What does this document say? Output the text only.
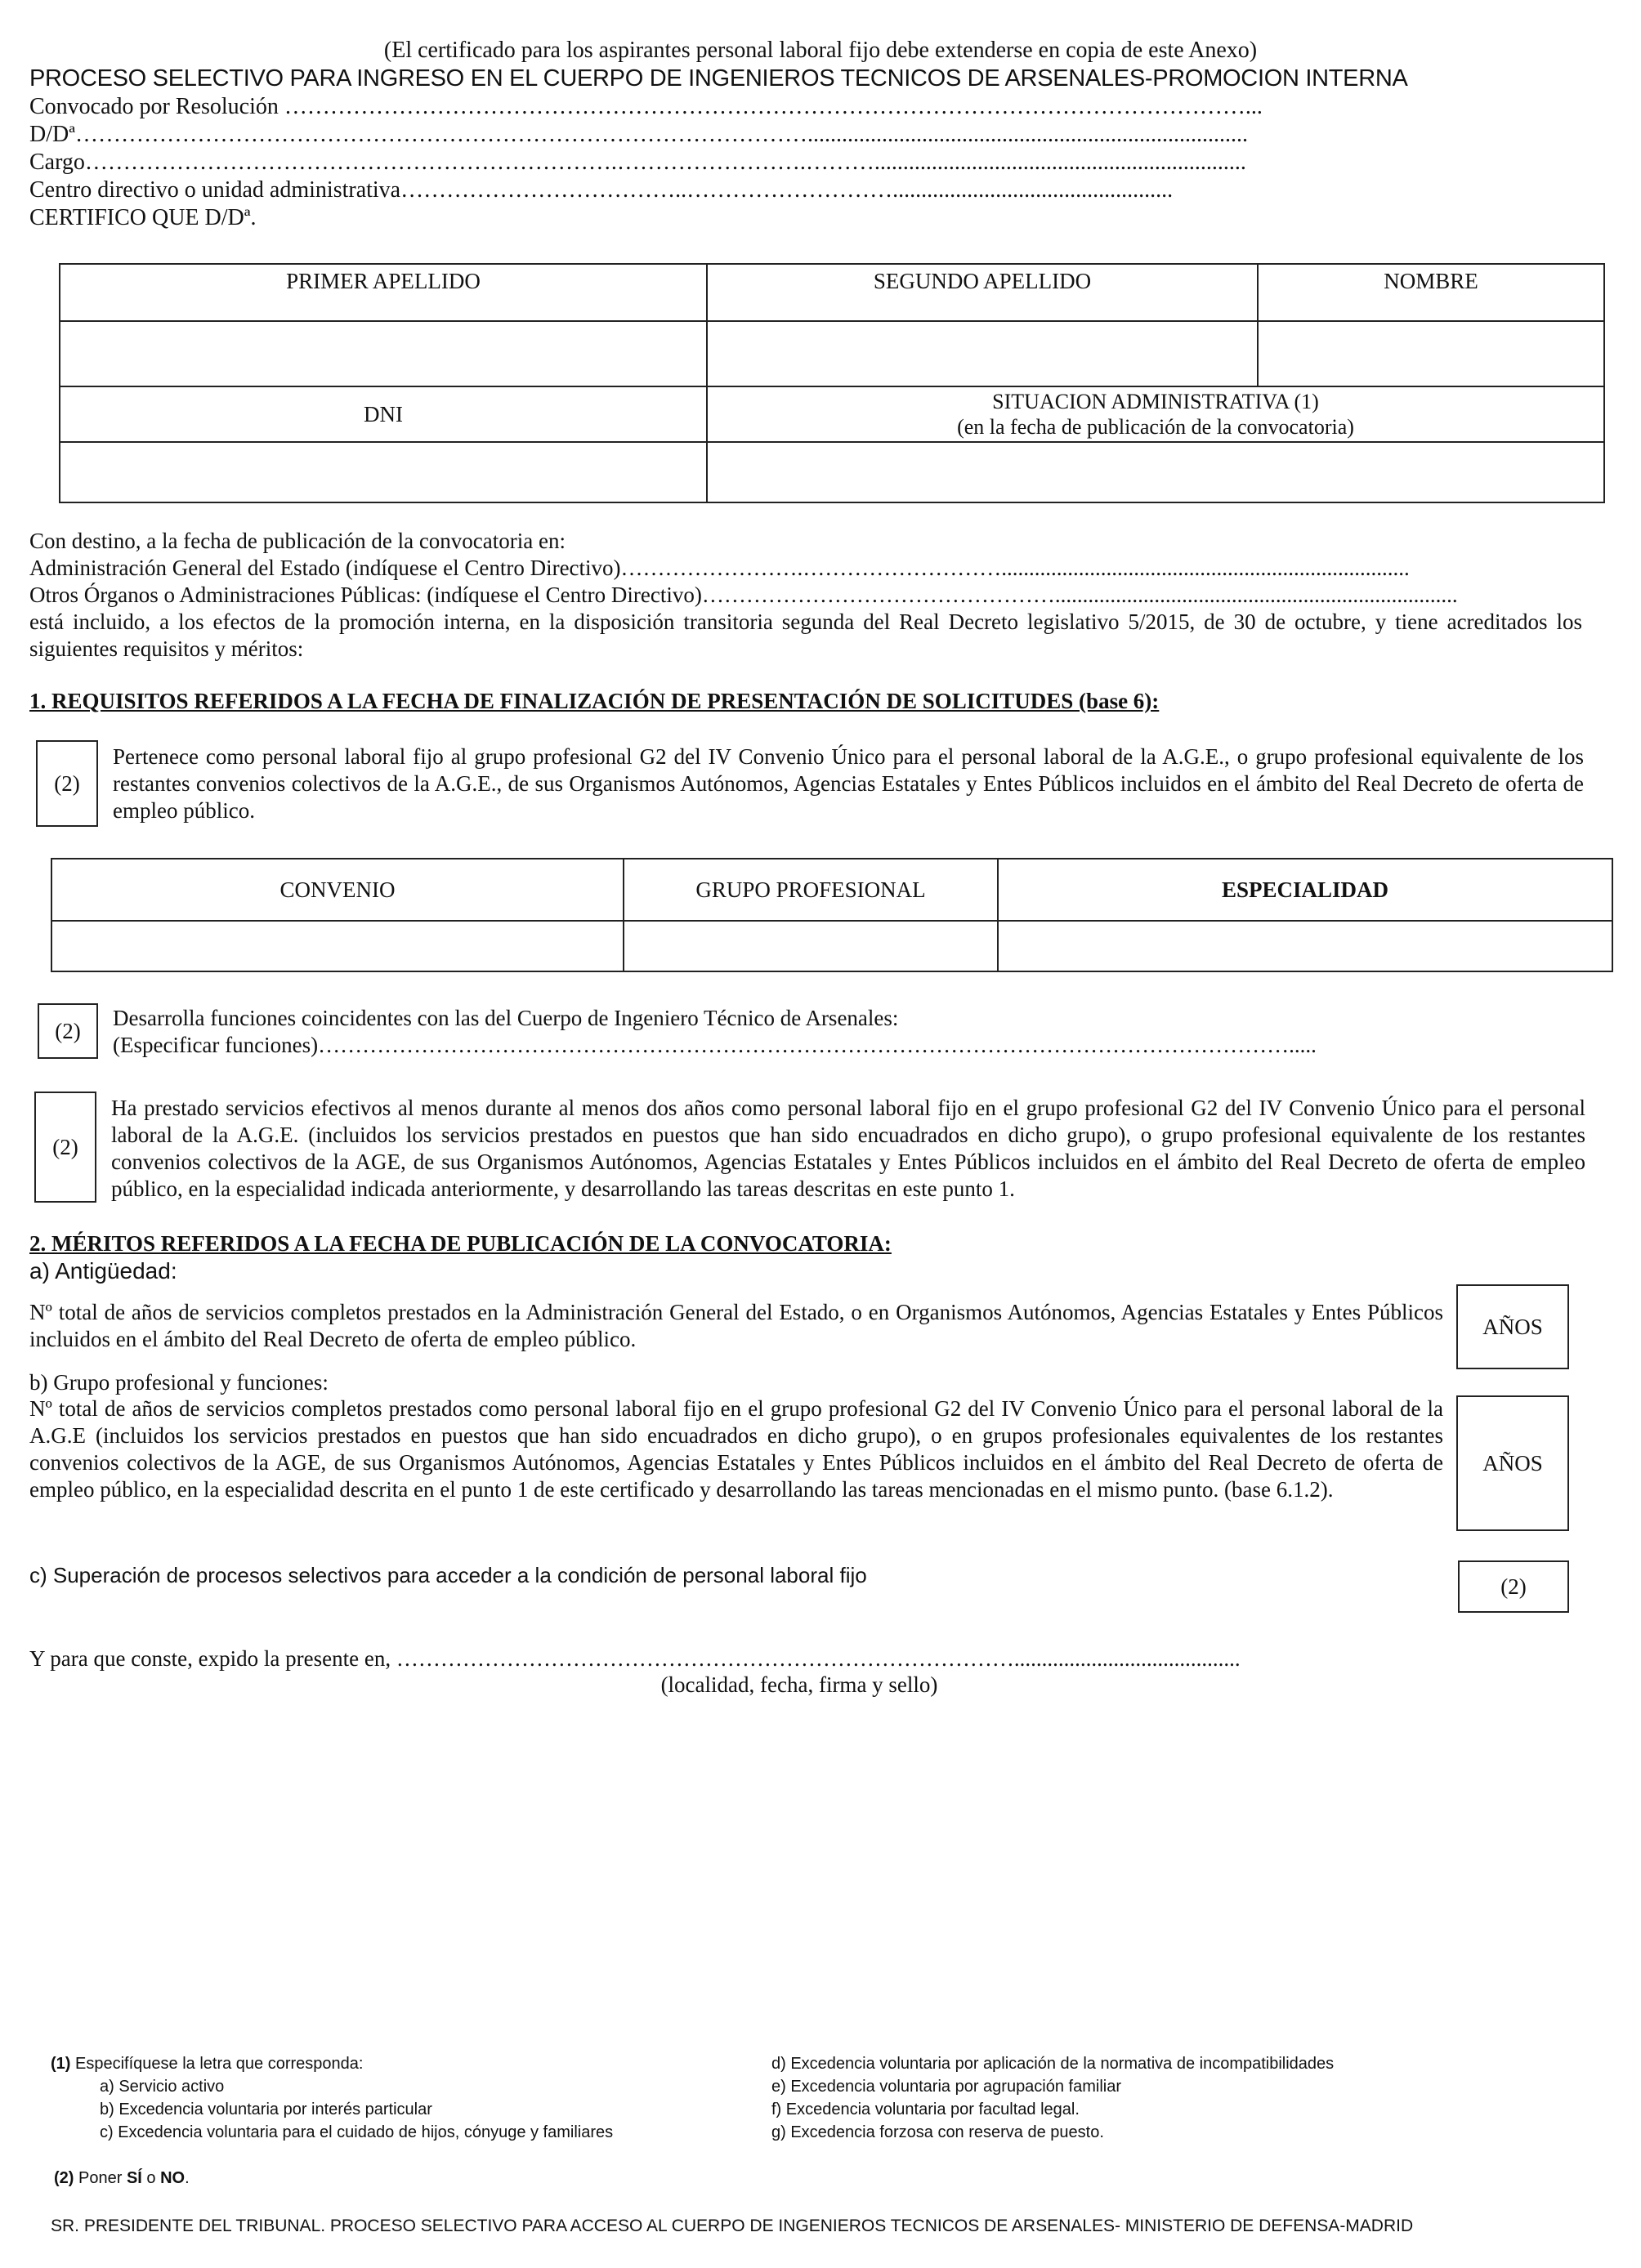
(El certificado para los aspirantes personal laboral fijo debe extenderse en copia de este Anexo)
PROCESO SELECTIVO PARA INGRESO EN EL CUERPO DE INGENIEROS TECNICOS DE ARSENALES-PROMOCION INTERNA
Convocado por Resolución ………………………………………………………………………………………………………………...
D/Dª…………………………………………………………………………………….............................................................................
Cargo…………………………………………………………….…………………….……….................................................................
Centro directivo o unidad administrativa………………………………..……………………….................................................
CERTIFICO QUE D/Dª.
PRIMER APELLIDO	SEGUNDO APELLIDO	NOMBRE

DNI	SITUACION ADMINISTRATIVA (1)
(en la fecha de publicación de la convocatoria)	

Con destino, a la fecha de publicación de la convocatoria en:
Administración General del Estado (indíquese el Centro Directivo)…………………….………………………..........................................................................
Otros Órganos o Administraciones Públicas: (indíquese el Centro Directivo)………………………………………….........................................................................
está incluido, a los efectos de la promoción interna, en la disposición transitoria segunda del Real Decreto legislativo 5/2015, de 30 de octubre, y tiene acreditados los siguientes requisitos y méritos:
1. REQUISITOS REFERIDOS A LA FECHA DE FINALIZACIÓN DE PRESENTACIÓN DE SOLICITUDES (base 6):
(2)
Pertenece como personal laboral fijo al grupo profesional G2 del IV Convenio Único para el personal laboral de la A.G.E., o grupo profesional equivalente de los restantes convenios colectivos de la A.G.E., de sus Organismos Autónomos, Agencias Estatales y Entes Públicos incluidos en el ámbito del Real Decreto de oferta de empleo público.
CONVENIO	GRUPO PROFESIONAL	ESPECIALIDAD

(2)
Desarrolla funciones coincidentes con las del Cuerpo de Ingeniero Técnico de Arsenales:
(Especificar funciones)…………………………………………………………………………………………………………………….....
(2)
Ha prestado servicios efectivos al menos durante al menos dos años como personal laboral fijo en el grupo profesional G2 del IV Convenio Único para el personal laboral de la A.G.E. (incluidos los servicios prestados en puestos que han sido encuadrados en dicho grupo), o grupo profesional equivalente de los restantes convenios colectivos de la AGE, de sus Organismos Autónomos, Agencias Estatales y Entes Públicos incluidos en el ámbito del Real Decreto de oferta de empleo público, en la especialidad indicada anteriormente, y desarrollando las tareas descritas en este punto 1.
2. MÉRITOS REFERIDOS A LA FECHA DE PUBLICACIÓN DE LA CONVOCATORIA:
a) Antigüedad:
Nº total de años de servicios completos prestados en la Administración General del Estado, o en Organismos Autónomos, Agencias Estatales y Entes Públicos incluidos en el ámbito del Real Decreto de oferta de empleo público.
AÑOS
b) Grupo profesional y funciones:
Nº total de años de servicios completos prestados como personal laboral fijo en el grupo profesional G2 del IV Convenio Único para el personal laboral de la A.G.E (incluidos los servicios prestados en puestos que han sido encuadrados en dicho grupo), o en grupos profesionales equivalentes de los restantes convenios colectivos de la AGE, de sus Organismos Autónomos, Agencias Estatales y Entes Públicos incluidos en el ámbito del Real Decreto de oferta de empleo público, en la especialidad descrita en el punto 1 de este certificado y desarrollando las tareas mencionadas en el mismo punto. (base 6.1.2).
AÑOS
c) Superación de procesos selectivos para acceder a la condición de personal laboral fijo	(2)
Y para que conste, expido la presente en, ………………………………………………………………………….........................................
(localidad, fecha, firma y sello)
(1) Especifíquese la letra que corresponda:
a) Servicio activo
b) Excedencia voluntaria por interés particular
c) Excedencia voluntaria para el cuidado de hijos, cónyuge y familiares
d) Excedencia voluntaria por aplicación de la normativa de incompatibilidades
e) Excedencia voluntaria por agrupación familiar
f) Excedencia voluntaria por facultad legal.
g) Excedencia forzosa con reserva de puesto.
(2) Poner SÍ o NO.
SR. PRESIDENTE DEL TRIBUNAL. PROCESO SELECTIVO PARA ACCESO AL CUERPO DE INGENIEROS TECNICOS DE ARSENALES- MINISTERIO DE DEFENSA-MADRID
